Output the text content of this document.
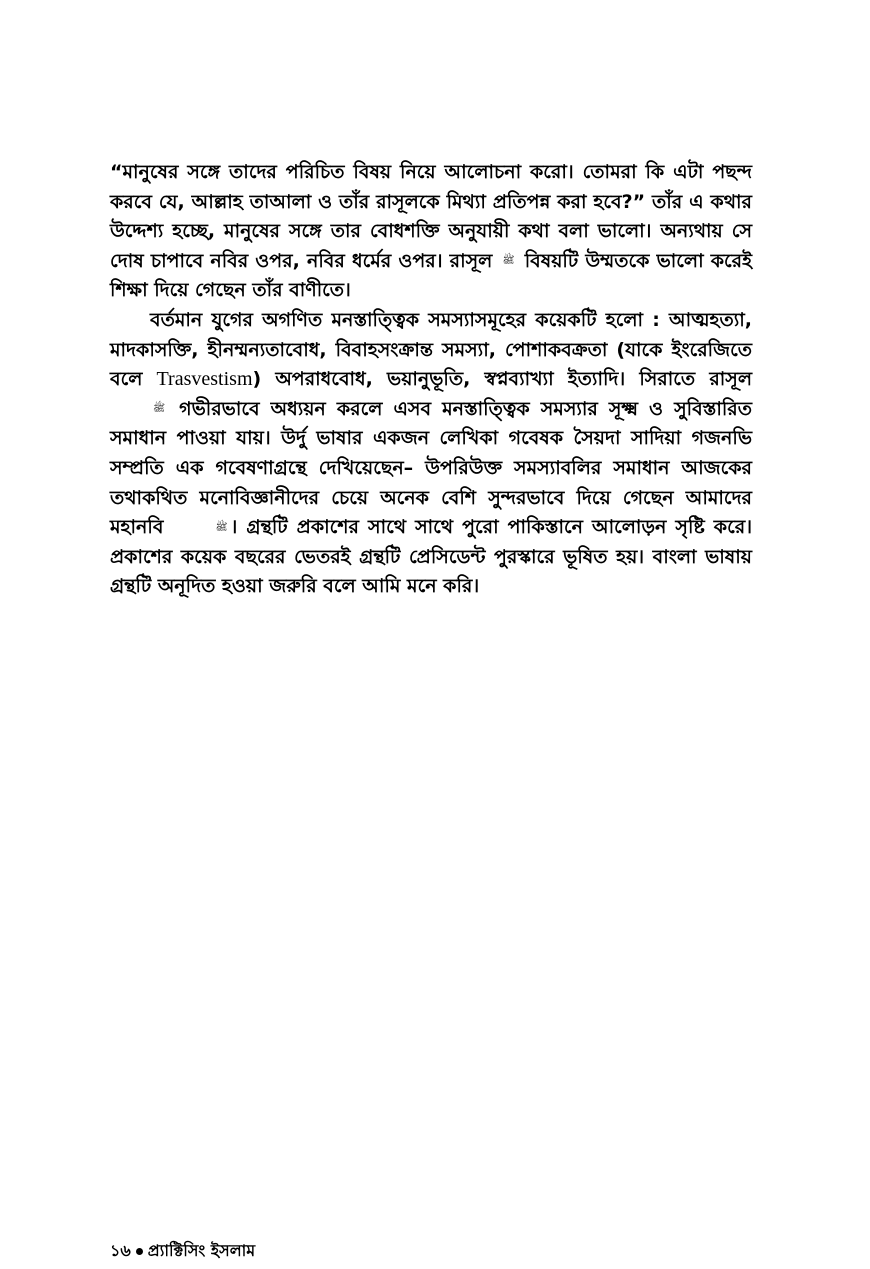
“মানুষের সঙ্গে তাদের পরিচিত বিষয় নিয়ে আলোচনা করো। তোমরা কি এটা পছন্দ করবে যে, আল্লাহ তাআলা ও তাঁর রাসূলকে মিথ্যা প্রতিপন্ন করা হবে?” তাঁর এ কথার উদ্দেশ্য হচ্ছে, মানুষের সঙ্গে তার বোধশক্তি অনুযায়ী কথা বলা ভালো। অন্যথায় সে দোষ চাপাবে নবির ওপর, নবির ধর্মের ওপর। রাসূল ﷺ বিষয়টি উম্মতকে ভালো করেই শিক্ষা দিয়ে গেছেন তাঁর বাণীতে।

বর্তমান যুগের অগণিত মনস্তাত্ত্বিক সমস্যাসমূহের কয়েকটি হলো : আত্মহত্যা, মাদকাসক্তি, হীনম্মন্যতাবোধ, বিবাহসংক্রান্ত সমস্যা, পোশাকবক্রতা (যাকে ইংরেজিতে বলে Trasvestism) অপরাধবোধ, ভয়ানুভূতি, স্বপ্নব্যাখ্যা ইত্যাদি। সিরাতে রাসূল ﷺ গভীরভাবে অধ্যয়ন করলে এসব মনস্তাত্ত্বিক সমস্যার সূক্ষ্ম ও সুবিস্তারিত সমাধান পাওয়া যায়। উর্দু ভাষার একজন লেখিকা গবেষক সৈয়দা সাদিয়া গজনভি সম্প্রতি এক গবেষণাগ্রন্থে দেখিয়েছেন– উপরিউক্ত সমস্যাবলির সমাধান আজকের তথাকথিত মনোবিজ্ঞানীদের চেয়ে অনেক বেশি সুন্দরভাবে দিয়ে গেছেন আমাদের মহানবি	ﷺ । গ্রন্থটি প্রকাশের সাথে সাথে পুরো পাকিস্তানে আলোড়ন সৃষ্টি করে। প্রকাশের কয়েক বছরের ভেতরই গ্রন্থটি প্রেসিডেন্ট পুরস্কারে ভূষিত হয়। বাংলা ভাষায় গ্রন্থটি অনূদিত হওয়া জরুরি বলে আমি মনে করি।

১৬ প্র্যাক্টিসিং ইসলাম
